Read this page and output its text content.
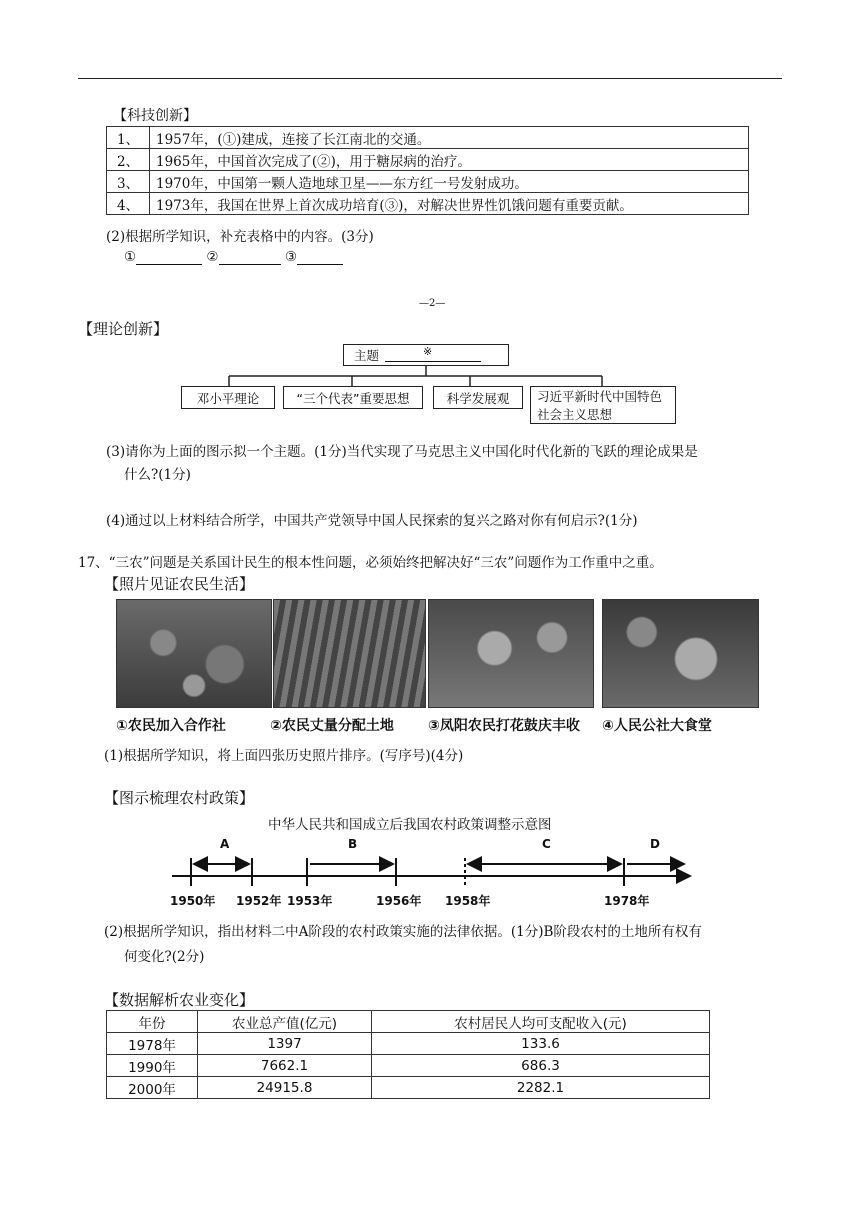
【科技创新】
1、	1957年，(①)建成，连接了长江南北的交通。
2、	1965年，中国首次完成了(②)，用于糖尿病的治疗。
3、	1970年，中国第一颗人造地球卫星——东方红一号发射成功。
4、	1973年，我国在世界上首次成功培育(③)，对解决世界性饥饿问题有重要贡献。
(2)根据所学知识，补充表格中的内容。(3分)
①	②	③
—2—
【理论创新】
主题	※
邓小平理论	“三个代表”重要思想	科学发展观	习近平新时代中国特色
社会主义思想
(3)请你为上面的图示拟一个主题。(1分)当代实现了马克思主义中国化时代化新的飞跃的理论成果是
什么?(1分)
(4)通过以上材料结合所学，中国共产党领导中国人民探索的复兴之路对你有何启示?(1分)
17、“三农”问题是关系国计民生的根本性问题，必须始终把解决好“三农”问题作为工作重中之重。
【照片见证农民生活】
①农民加入合作社	②农民丈量分配土地 ③凤阳农民打花鼓庆丰收 ④人民公社大食堂
(1)根据所学知识，将上面四张历史照片排序。(写序号)(4分)
【图示梳理农村政策】
中华人民共和国成立后我国农村政策调整示意图
A	B	C	D
1950年 1952年 1953年	1956年 1958年	1978年
(2)根据所学知识，指出材料二中A阶段的农村政策实施的法律依据。(1分)B阶段农村的土地所有权有
何变化?(2分)
【数据解析农业变化】
年份	农业总产值(亿元)	农村居民人均可支配收入(元)
1978年	1397	133.6
1990年	7662.1	686.3
2000年	24915.8	2282.1
